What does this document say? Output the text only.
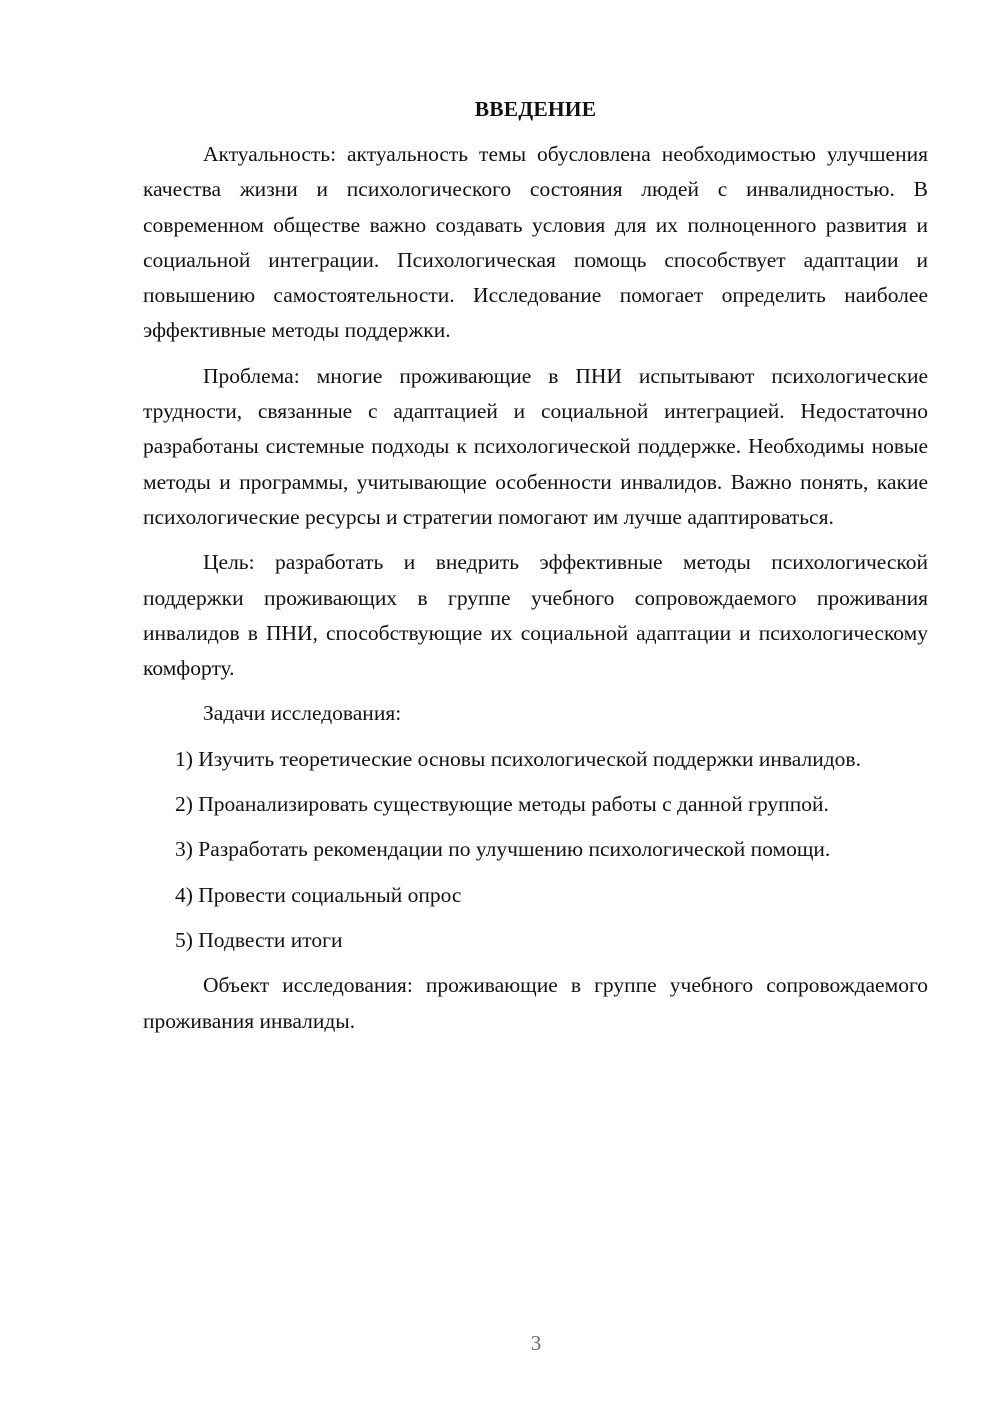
ВВЕДЕНИЕ

Актуальность: актуальность темы обусловлена необходимостью улучшения качества жизни и психологического состояния людей с инвалидностью. В современном обществе важно создавать условия для их полноценного развития и социальной интеграции. Психологическая помощь способствует адаптации и повышению самостоятельности. Исследование помогает определить наиболее эффективные методы поддержки.

Проблема: многие проживающие в ПНИ испытывают психологические трудности, связанные с адаптацией и социальной интеграцией. Недостаточно разработаны системные подходы к психологической поддержке. Необходимы новые методы и программы, учитывающие особенности инвалидов. Важно понять, какие психологические ресурсы и стратегии помогают им лучше адаптироваться.

Цель: разработать и внедрить эффективные методы психологической поддержки проживающих в группе учебного сопровождаемого проживания инвалидов в ПНИ, способствующие их социальной адаптации и психологическому комфорту.

Задачи исследования:

1) Изучить теоретические основы психологической поддержки инвалидов.

2) Проанализировать существующие методы работы с данной группой.

3) Разработать рекомендации по улучшению психологической помощи.

4) Провести социальный опрос

5) Подвести итоги

Объект исследования: проживающие в группе учебного сопровождаемого проживания инвалиды.

3
